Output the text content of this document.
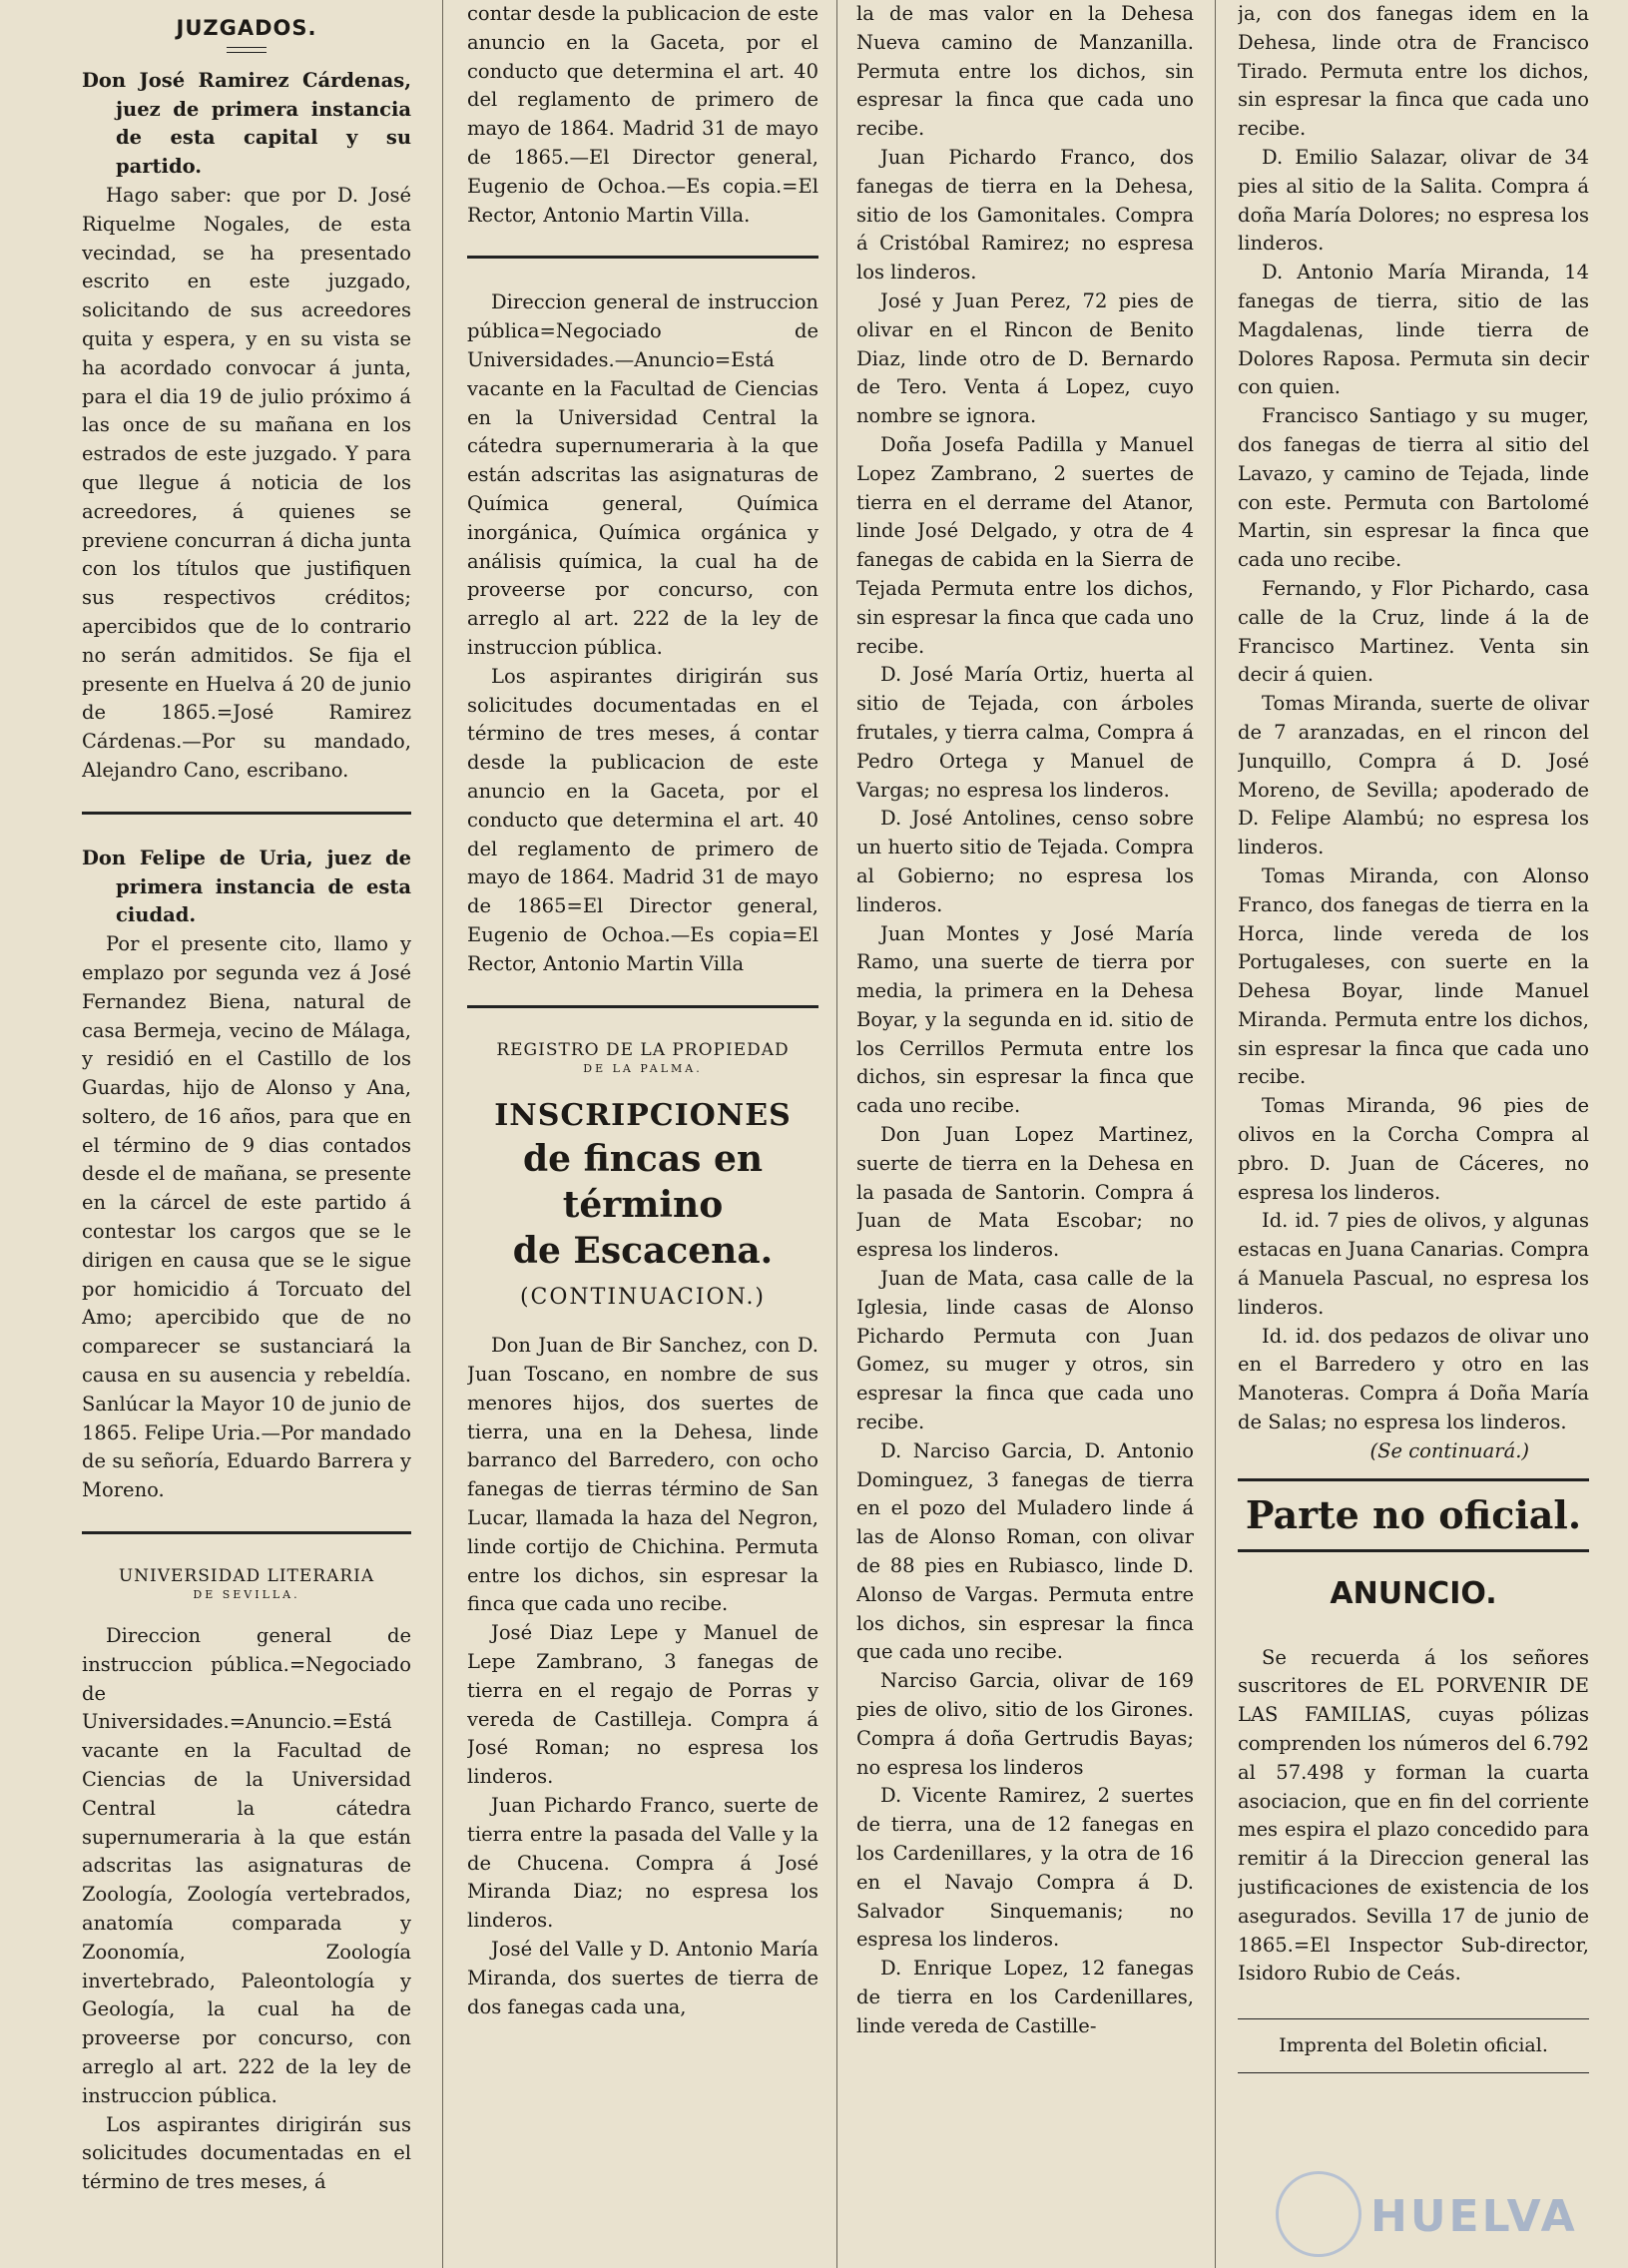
JUZGADOS.

Don José Ramirez Cárdenas, juez de primera instancia de esta capital y su partido.

Hago saber: que por D. José Riquelme Nogales, de esta vecindad, se ha presentado escrito en este juzgado, solicitando de sus acreedores quita y espera, y en su vista se ha acordado convocar á junta, para el dia 19 de julio próximo á las once de su mañana en los estrados de este juzgado. Y para que llegue á noticia de los acreedores, á quienes se previene concurran á dicha junta con los títulos que justifiquen sus respectivos créditos; apercibidos que de lo contrario no serán admitidos. Se fija el presente en Huelva á 20 de junio de 1865.=José Ramirez Cárdenas.—Por su mandado, Alejandro Cano, escribano.

Don Felipe de Uria, juez de primera instancia de esta ciudad.

Por el presente cito, llamo y emplazo por segunda vez á José Fernandez Biena, natural de casa Bermeja, vecino de Málaga, y residió en el Castillo de los Guardas, hijo de Alonso y Ana, soltero, de 16 años, para que en el término de 9 dias contados desde el de mañana, se presente en la cárcel de este partido á contestar los cargos que se le dirigen en causa que se le sigue por homicidio á Torcuato del Amo; apercibido que de no comparecer se sustanciará la causa en su ausencia y rebeldía. Sanlúcar la Mayor 10 de junio de 1865. Felipe Uria.—Por mandado de su señoría, Eduardo Barrera y Moreno.

UNIVERSIDAD LITERARIA

DE SEVILLA.

Direccion general de instruccion pública.=Negociado de Universidades.=Anuncio.=Está vacante en la Facultad de Ciencias de la Universidad Central la cátedra supernumeraria à la que están adscritas las asignaturas de Zoología, Zoología vertebrados, anatomía comparada y Zoonomía, Zoología invertebrado, Paleontología y Geología, la cual ha de proveerse por concurso, con arreglo al art. 222 de la ley de instruccion pública.

Los aspirantes dirigirán sus solicitudes documentadas en el término de tres meses, á

contar desde la publicacion de este anuncio en la Gaceta, por el conducto que determina el art. 40 del reglamento de primero de mayo de 1864. Madrid 31 de mayo de 1865.—El Director general, Eugenio de Ochoa.—Es copia.=El Rector, Antonio Martin Villa.

Direccion general de instruccion pública=Negociado de Universidades.—Anuncio=Está vacante en la Facultad de Ciencias en la Universidad Central la cátedra supernumeraria à la que están adscritas las asignaturas de Química general, Química inorgánica, Química orgánica y análisis química, la cual ha de proveerse por concurso, con arreglo al art. 222 de la ley de instruccion pública.

Los aspirantes dirigirán sus solicitudes documentadas en el término de tres meses, á contar desde la publicacion de este anuncio en la Gaceta, por el conducto que determina el art. 40 del reglamento de primero de mayo de 1864. Madrid 31 de mayo de 1865=El Director general, Eugenio de Ochoa.—Es copia=El Rector, Antonio Martin Villa

REGISTRO DE LA PROPIEDAD

DE LA PALMA.

INSCRIPCIONES

de fincas en término

de Escacena.

(CONTINUACION.)

Don Juan de Bir Sanchez, con D. Juan Toscano, en nombre de sus menores hijos, dos suertes de tierra, una en la Dehesa, linde barranco del Barredero, con ocho fanegas de tierras término de San Lucar, llamada la haza del Negron, linde cortijo de Chichina. Permuta entre los dichos, sin espresar la finca que cada uno recibe.

José Diaz Lepe y Manuel de Lepe Zambrano, 3 fanegas de tierra en el regajo de Porras y vereda de Castilleja. Compra á José Roman; no espresa los linderos.

Juan Pichardo Franco, suerte de tierra entre la pasada del Valle y la de Chucena. Compra á José Miranda Diaz; no espresa los linderos.

José del Valle y D. Antonio María Miranda, dos suertes de tierra de dos fanegas cada una,

la de mas valor en la Dehesa Nueva camino de Manzanilla. Permuta entre los dichos, sin espresar la finca que cada uno recibe.

Juan Pichardo Franco, dos fanegas de tierra en la Dehesa, sitio de los Gamonitales. Compra á Cristóbal Ramirez; no espresa los linderos.

José y Juan Perez, 72 pies de olivar en el Rincon de Benito Diaz, linde otro de D. Bernardo de Tero. Venta á Lopez, cuyo nombre se ignora.

Doña Josefa Padilla y Manuel Lopez Zambrano, 2 suertes de tierra en el derrame del Atanor, linde José Delgado, y otra de 4 fanegas de cabida en la Sierra de Tejada Permuta entre los dichos, sin espresar la finca que cada uno recibe.

D. José María Ortiz, huerta al sitio de Tejada, con árboles frutales, y tierra calma, Compra á Pedro Ortega y Manuel de Vargas; no espresa los linderos.

D. José Antolines, censo sobre un huerto sitio de Tejada. Compra al Gobierno; no espresa los linderos.

Juan Montes y José María Ramo, una suerte de tierra por media, la primera en la Dehesa Boyar, y la segunda en id. sitio de los Cerrillos Permuta entre los dichos, sin espresar la finca que cada uno recibe.

Don Juan Lopez Martinez, suerte de tierra en la Dehesa en la pasada de Santorin. Compra á Juan de Mata Escobar; no espresa los linderos.

Juan de Mata, casa calle de la Iglesia, linde casas de Alonso Pichardo Permuta con Juan Gomez, su muger y otros, sin espresar la finca que cada uno recibe.

D. Narciso Garcia, D. Antonio Dominguez, 3 fanegas de tierra en el pozo del Muladero linde á las de Alonso Roman, con olivar de 88 pies en Rubiasco, linde D. Alonso de Vargas. Permuta entre los dichos, sin espresar la finca que cada uno recibe.

Narciso Garcia, olivar de 169 pies de olivo, sitio de los Girones. Compra á doña Gertrudis Bayas; no espresa los linderos

D. Vicente Ramirez, 2 suertes de tierra, una de 12 fanegas en los Cardenillares, y la otra de 16 en el Navajo Compra á D. Salvador Sinquemanis; no espresa los linderos.

D. Enrique Lopez, 12 fanegas de tierra en los Cardenillares, linde vereda de Castille-

ja, con dos fanegas idem en la Dehesa, linde otra de Francisco Tirado. Permuta entre los dichos, sin espresar la finca que cada uno recibe.

D. Emilio Salazar, olivar de 34 pies al sitio de la Salita. Compra á doña María Dolores; no espresa los linderos.

D. Antonio María Miranda, 14 fanegas de tierra, sitio de las Magdalenas, linde tierra de Dolores Raposa. Permuta sin decir con quien.

Francisco Santiago y su muger, dos fanegas de tierra al sitio del Lavazo, y camino de Tejada, linde con este. Permuta con Bartolomé Martin, sin espresar la finca que cada uno recibe.

Fernando, y Flor Pichardo, casa calle de la Cruz, linde á la de Francisco Martinez. Venta sin decir á quien.

Tomas Miranda, suerte de olivar de 7 aranzadas, en el rincon del Junquillo, Compra á D. José Moreno, de Sevilla; apoderado de D. Felipe Alambú; no espresa los linderos.

Tomas Miranda, con Alonso Franco, dos fanegas de tierra en la Horca, linde vereda de los Portugaleses, con suerte en la Dehesa Boyar, linde Manuel Miranda. Permuta entre los dichos, sin espresar la finca que cada uno recibe.

Tomas Miranda, 96 pies de olivos en la Corcha Compra al pbro. D. Juan de Cáceres, no espresa los linderos.

Id. id. 7 pies de olivos, y algunas estacas en Juana Canarias. Compra á Manuela Pascual, no espresa los linderos.

Id. id. dos pedazos de olivar uno en el Barredero y otro en las Manoteras. Compra á Doña María de Salas; no espresa los linderos.

(Se continuará.)

Parte no oficial.

ANUNCIO.

Se recuerda á los señores suscritores de EL PORVENIR DE LAS FAMILIAS, cuyas pólizas comprenden los números del 6.792 al 57.498 y forman la cuarta asociacion, que en fin del corriente mes espira el plazo concedido para remitir á la Direccion general las justificaciones de existencia de los asegurados. Sevilla 17 de junio de 1865.=El Inspector Sub-director, Isidoro Rubio de Ceás.

Imprenta del Boletin oficial.

HUELVA
